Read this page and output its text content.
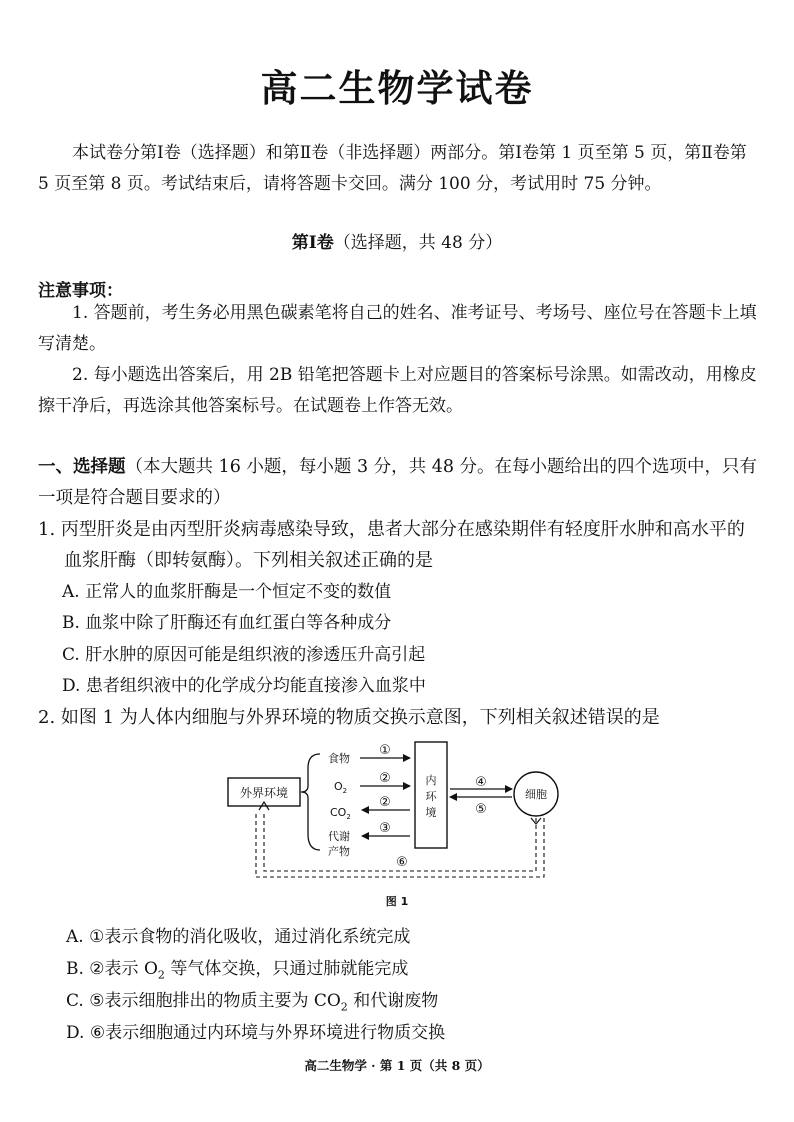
高二生物学试卷
本试卷分第Ⅰ卷（选择题）和第Ⅱ卷（非选择题）两部分。第Ⅰ卷第 1 页至第 5 页，第Ⅱ卷第 5 页至第 8 页。考试结束后，请将答题卡交回。满分 100 分，考试用时 75 分钟。
第Ⅰ卷（选择题，共 48 分）
注意事项：
1. 答题前，考生务必用黑色碳素笔将自己的姓名、准考证号、考场号、座位号在答题卡上填写清楚。
2. 每小题选出答案后，用 2B 铅笔把答题卡上对应题目的答案标号涂黑。如需改动，用橡皮擦干净后，再选涂其他答案标号。在试题卷上作答无效。
一、选择题（本大题共 16 小题，每小题 3 分，共 48 分。在每小题给出的四个选项中，只有一项是符合题目要求的）
1. 丙型肝炎是由丙型肝炎病毒感染导致，患者大部分在感染期伴有轻度肝水肿和高水平的血浆肝酶（即转氨酶）。下列相关叙述正确的是
A. 正常人的血浆肝酶是一个恒定不变的数值
B. 血浆中除了肝酶还有血红蛋白等各种成分
C. 肝水肿的原因可能是组织液的渗透压升高引起
D. 患者组织液中的化学成分均能直接渗入血浆中
2. 如图 1 为人体内细胞与外界环境的物质交换示意图，下列相关叙述错误的是
外界环境
食物
$O_2$
$CO_2$
代谢
产物
①
②
②
③
内
环
境
④
⑤
细胞
⑥
图 1
A. ①表示食物的消化吸收，通过消化系统完成
B. ②表示 $O_2$ 等气体交换，只通过肺就能完成
C. ⑤表示细胞排出的物质主要为 $CO_2$ 和代谢废物
D. ⑥表示细胞通过内环境与外界环境进行物质交换
高二生物学 · 第 1 页（共 8 页）
